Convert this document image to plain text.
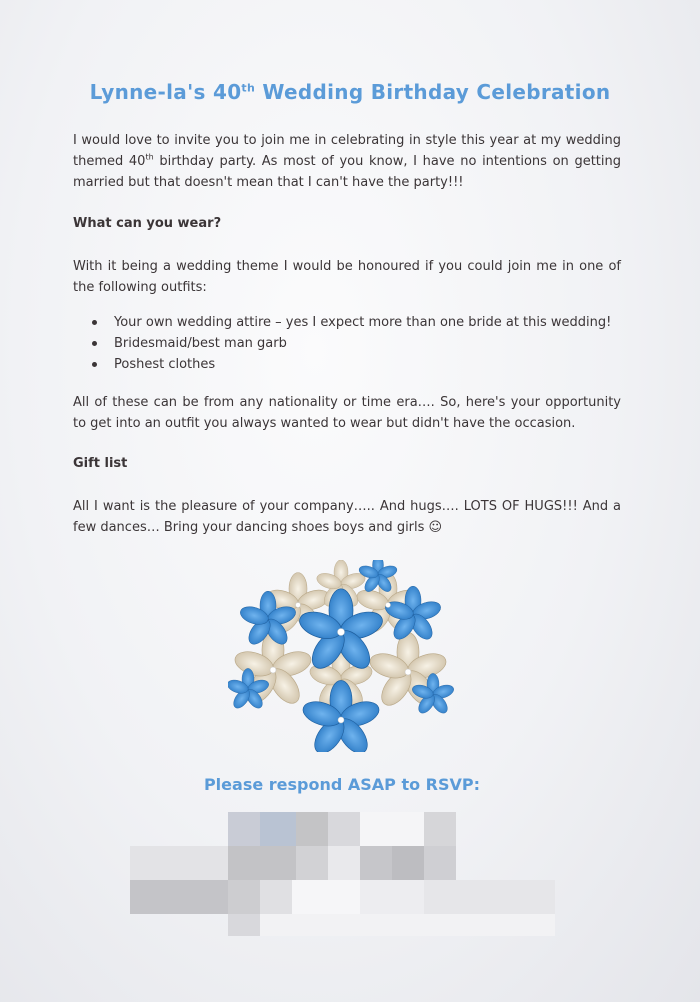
Lynne-la's 40th Wedding Birthday Celebration
I would love to invite you to join me in celebrating in style this year at my wedding themed 40th birthday party. As most of you know, I have no intentions on getting married but that doesn't mean that I can't have the party!!!
What can you wear?
With it being a wedding theme I would be honoured if you could join me in one of the following outfits:
Your own wedding attire – yes I expect more than one bride at this wedding!
Bridesmaid/best man garb
Poshest clothes
All of these can be from any nationality or time era…. So, here's your opportunity to get into an outfit you always wanted to wear but didn't have the occasion.
Gift list
All I want is the pleasure of your company….. And hugs…. LOTS OF HUGS!!! And a few dances… Bring your dancing shoes boys and girls ☺
Please respond ASAP to RSVP:
